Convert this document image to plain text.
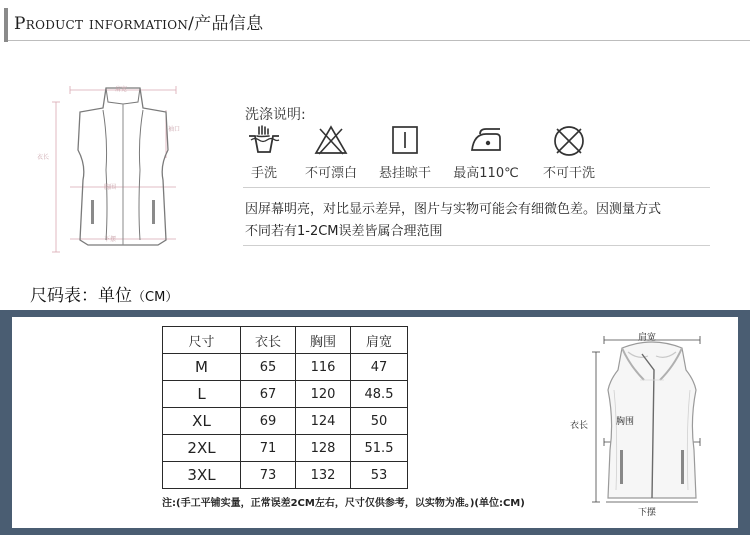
Product information/产品信息
肩宽
衣长
胸围
下摆
袖口
洗涤说明:
手洗	不可漂白	悬挂晾干	最高110℃	不可干洗
因屏幕明亮，对比显示差异，图片与实物可能会有细微色差。因测量方式
不同若有1-2CM误差皆属合理范围
尺码表：单位（CM）
尺寸	衣长	胸围	肩宽
M	65	116	47
L	67	120	48.5
XL	69	124	50
2XL	71	128	51.5
3XL	73	132	53
注:(手工平铺实量，正常误差2CM左右，尺寸仅供参考，以实物为准。)(单位:CM)
肩宽
衣长	胸围
下摆
